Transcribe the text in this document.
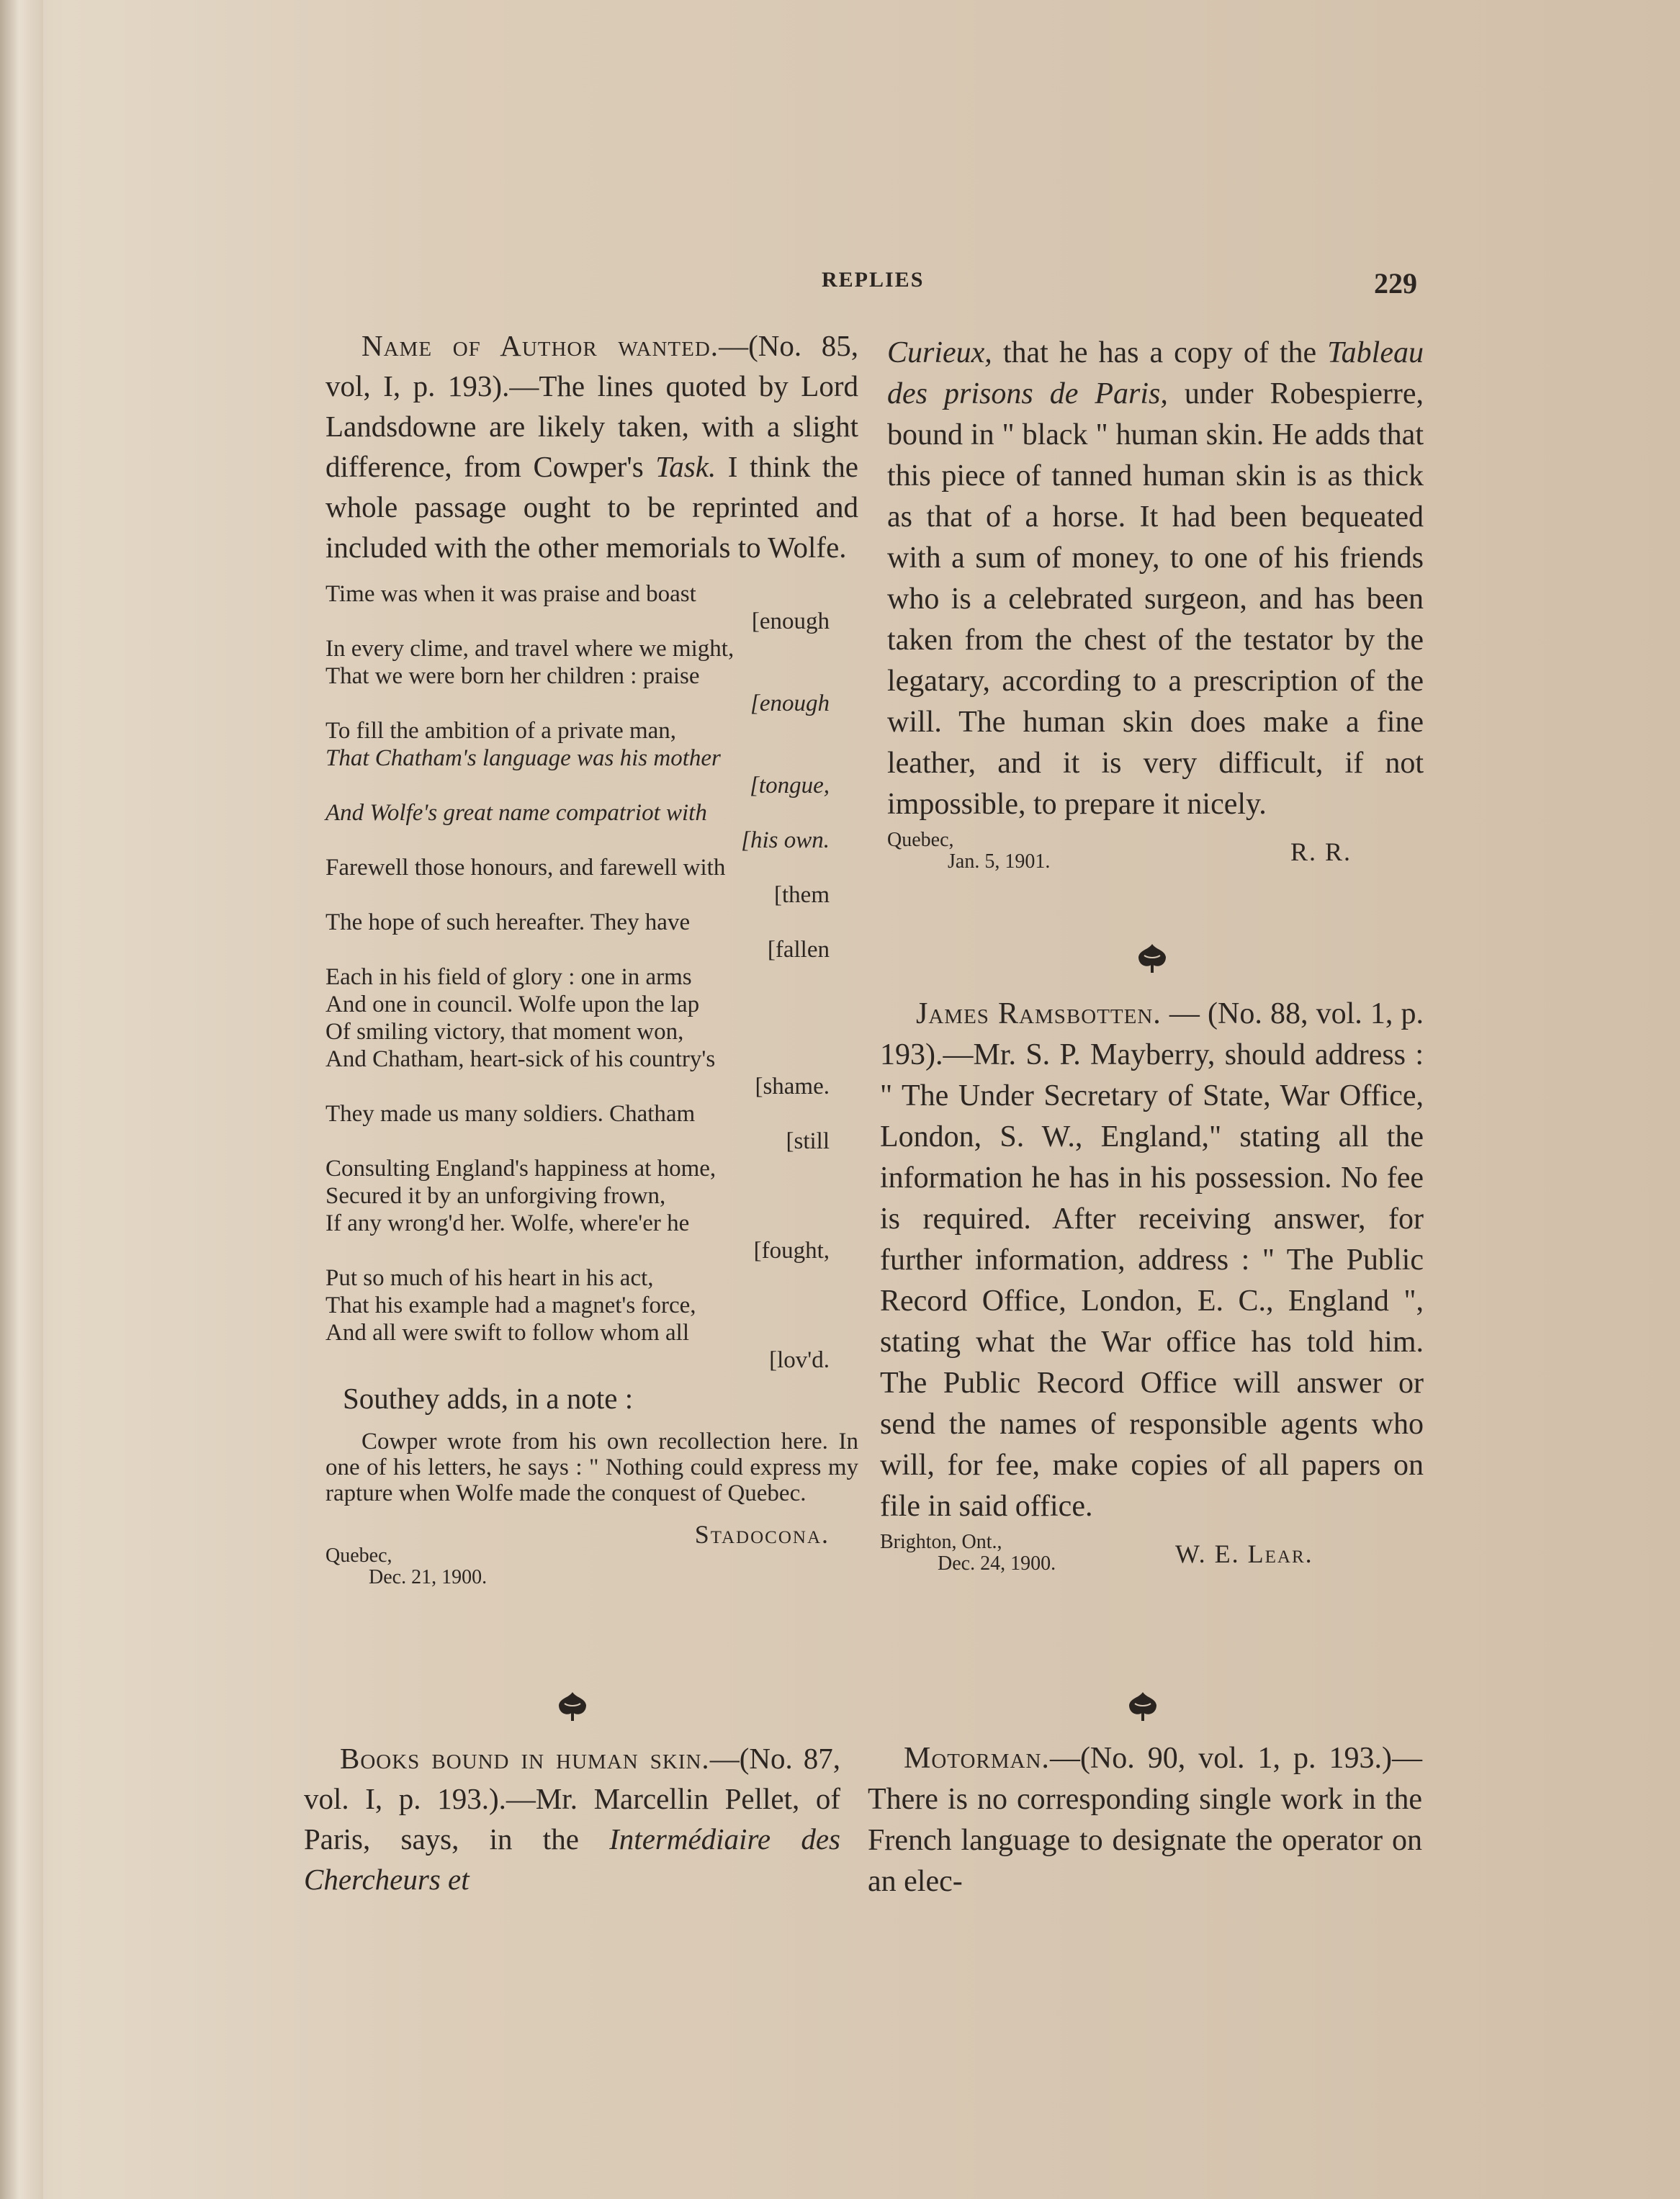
REPLIES	229

Name of Author wanted.—(No. 85, vol, I, p. 193).—The lines quoted by Lord Landsdowne are likely taken, with a slight difference, from Cowper's Task. I think the whole passage ought to be reprinted and included with the other memorials to Wolfe.

Time was when it was praise and boast
[enough
In every clime, and travel where we might,
That we were born her children : praise
[enough
To fill the ambition of a private man,
That Chatham's language was his mother
[tongue,
And Wolfe's great name compatriot with
[his own.
Farewell those honours, and farewell with
[them
The hope of such hereafter. They have
[fallen
Each in his field of glory : one in arms
And one in council. Wolfe upon the lap
Of smiling victory, that moment won,
And Chatham, heart-sick of his country's
[shame.
They made us many soldiers. Chatham
[still
Consulting England's happiness at home,
Secured it by an unforgiving frown,
If any wrong'd her. Wolfe, where'er he
[fought,
Put so much of his heart in his act,
That his example had a magnet's force,
And all were swift to follow whom all
[lov'd.

Southey adds, in a note :

Cowper wrote from his own recollection here. In one of his letters, he says : " Nothing could express my rapture when Wolfe made the conquest of Quebec.

Stadocona.
Quebec,
Dec. 21, 1900.

Books bound in human skin.—(No. 87, vol. I, p. 193.).—Mr. Marcellin Pellet, of Paris, says, in the Intermédiaire des Chercheurs et

Curieux, that he has a copy of the Tableau des prisons de Paris, under Robespierre, bound in " black " human skin. He adds that this piece of tanned human skin is as thick as that of a horse. It had been bequeated with a sum of money, to one of his friends who is a celebrated surgeon, and has been taken from the chest of the testator by the legatary, according to a prescription of the will. The human skin does make a fine leather, and it is very difficult, if not impossible, to prepare it nicely.

Quebec,
Jan. 5, 1901.	R. R.

James Ramsbotten. — (No. 88, vol. 1, p. 193).—Mr. S. P. Mayberry, should address : " The Under Secretary of State, War Office, London, S. W., England," stating all the information he has in his possession. No fee is required. After receiving answer, for further information, address : " The Public Record Office, London, E. C., England ", stating what the War office has told him. The Public Record Office will answer or send the names of responsible agents who will, for fee, make copies of all papers on file in said office.

Brighton, Ont.,
Dec. 24, 1900.	W. E. Lear.

Motorman.—(No. 90, vol. 1, p. 193.)—There is no corresponding single work in the French language to designate the operator on an elec-
